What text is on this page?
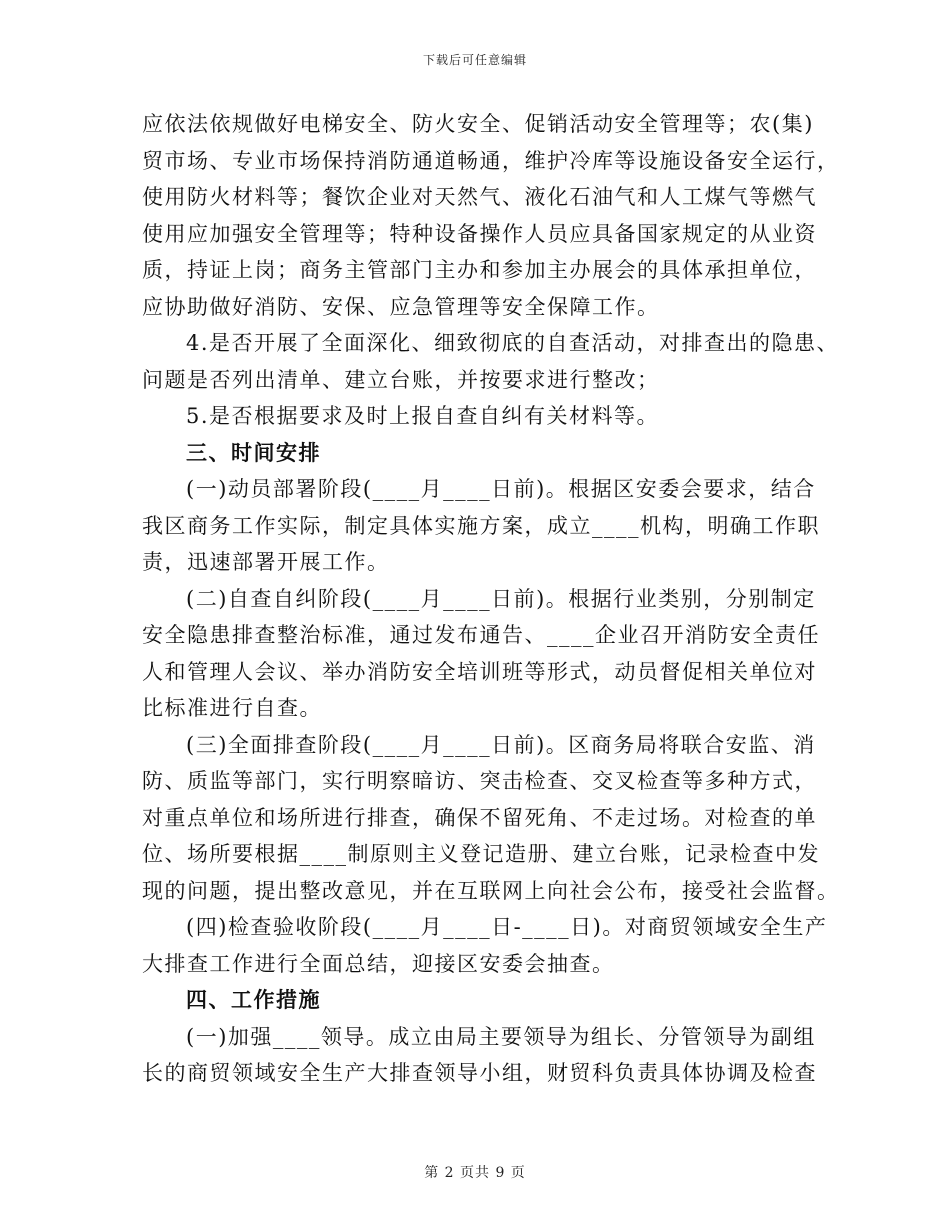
下载后可任意编辑
应依法依规做好电梯安全、防火安全、促销活动安全管理等；农(集)
贸市场、专业市场保持消防通道畅通，维护冷库等设施设备安全运行，
使用防火材料等；餐饮企业对天然气、液化石油气和人工煤气等燃气
使用应加强安全管理等；特种设备操作人员应具备国家规定的从业资
质，持证上岗；商务主管部门主办和参加主办展会的具体承担单位，
应协助做好消防、安保、应急管理等安全保障工作。
4.是否开展了全面深化、细致彻底的自查活动，对排查出的隐患、
问题是否列出清单、建立台账，并按要求进行整改；
5.是否根据要求及时上报自查自纠有关材料等。
三、时间安排
(一)动员部署阶段(____月____日前)。根据区安委会要求，结合
我区商务工作实际，制定具体实施方案，成立____机构，明确工作职
责，迅速部署开展工作。
(二)自查自纠阶段(____月____日前)。根据行业类别，分别制定
安全隐患排查整治标准，通过发布通告、____企业召开消防安全责任
人和管理人会议、举办消防安全培训班等形式，动员督促相关单位对
比标准进行自查。
(三)全面排查阶段(____月____日前)。区商务局将联合安监、消
防、质监等部门，实行明察暗访、突击检查、交叉检查等多种方式，
对重点单位和场所进行排查，确保不留死角、不走过场。对检查的单
位、场所要根据____制原则主义登记造册、建立台账，记录检查中发
现的问题，提出整改意见，并在互联网上向社会公布，接受社会监督。
(四)检查验收阶段(____月____日-____日)。对商贸领域安全生产
大排查工作进行全面总结，迎接区安委会抽查。
四、工作措施
(一)加强____领导。成立由局主要领导为组长、分管领导为副组
长的商贸领域安全生产大排查领导小组，财贸科负责具体协调及检查
第 2 页共 9 页
